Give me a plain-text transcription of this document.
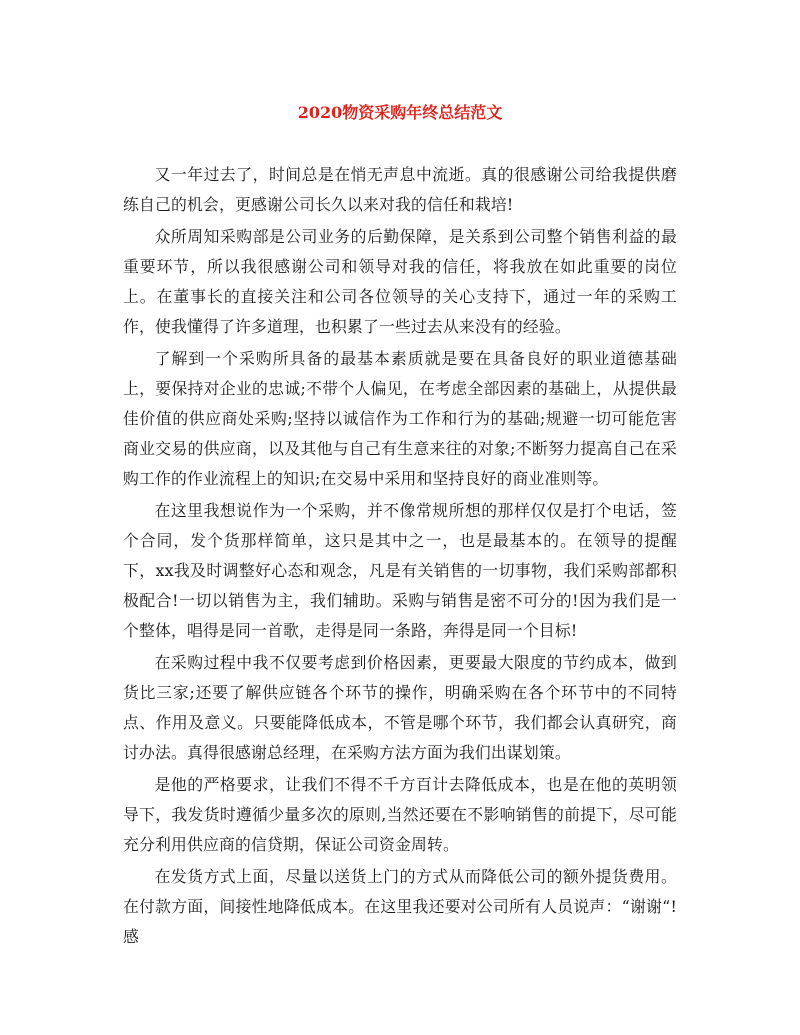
2020物资采购年终总结范文

又一年过去了，时间总是在悄无声息中流逝。真的很感谢公司给我提供磨练自己的机会，更感谢公司长久以来对我的信任和栽培!

众所周知采购部是公司业务的后勤保障，是关系到公司整个销售利益的最重要环节，所以我很感谢公司和领导对我的信任，将我放在如此重要的岗位上。在董事长的直接关注和公司各位领导的关心支持下，通过一年的采购工作，使我懂得了许多道理，也积累了一些过去从来没有的经验。

了解到一个采购所具备的最基本素质就是要在具备良好的职业道德基础上，要保持对企业的忠诚;不带个人偏见，在考虑全部因素的基础上，从提供最佳价值的供应商处采购;坚持以诚信作为工作和行为的基础;规避一切可能危害商业交易的供应商，以及其他与自己有生意来往的对象;不断努力提高自己在采购工作的作业流程上的知识;在交易中采用和坚持良好的商业准则等。

在这里我想说作为一个采购，并不像常规所想的那样仅仅是打个电话，签个合同，发个货那样简单，这只是其中之一，也是最基本的。在领导的提醒下，xx我及时调整好心态和观念，凡是有关销售的一切事物，我们采购部都积极配合!一切以销售为主，我们辅助。采购与销售是密不可分的!因为我们是一个整体，唱得是同一首歌，走得是同一条路，奔得是同一个目标!

在采购过程中我不仅要考虑到价格因素，更要最大限度的节约成本，做到货比三家;还要了解供应链各个环节的操作，明确采购在各个环节中的不同特点、作用及意义。只要能降低成本，不管是哪个环节，我们都会认真研究，商讨办法。真得很感谢总经理，在采购方法方面为我们出谋划策。

是他的严格要求，让我们不得不千方百计去降低成本，也是在他的英明领导下，我发货时遵循少量多次的原则,当然还要在不影响销售的前提下，尽可能充分利用供应商的信贷期，保证公司资金周转。

在发货方式上面，尽量以送货上门的方式从而降低公司的额外提货费用。在付款方面，间接性地降低成本。在这里我还要对公司所有人员说声：“谢谢“!感
